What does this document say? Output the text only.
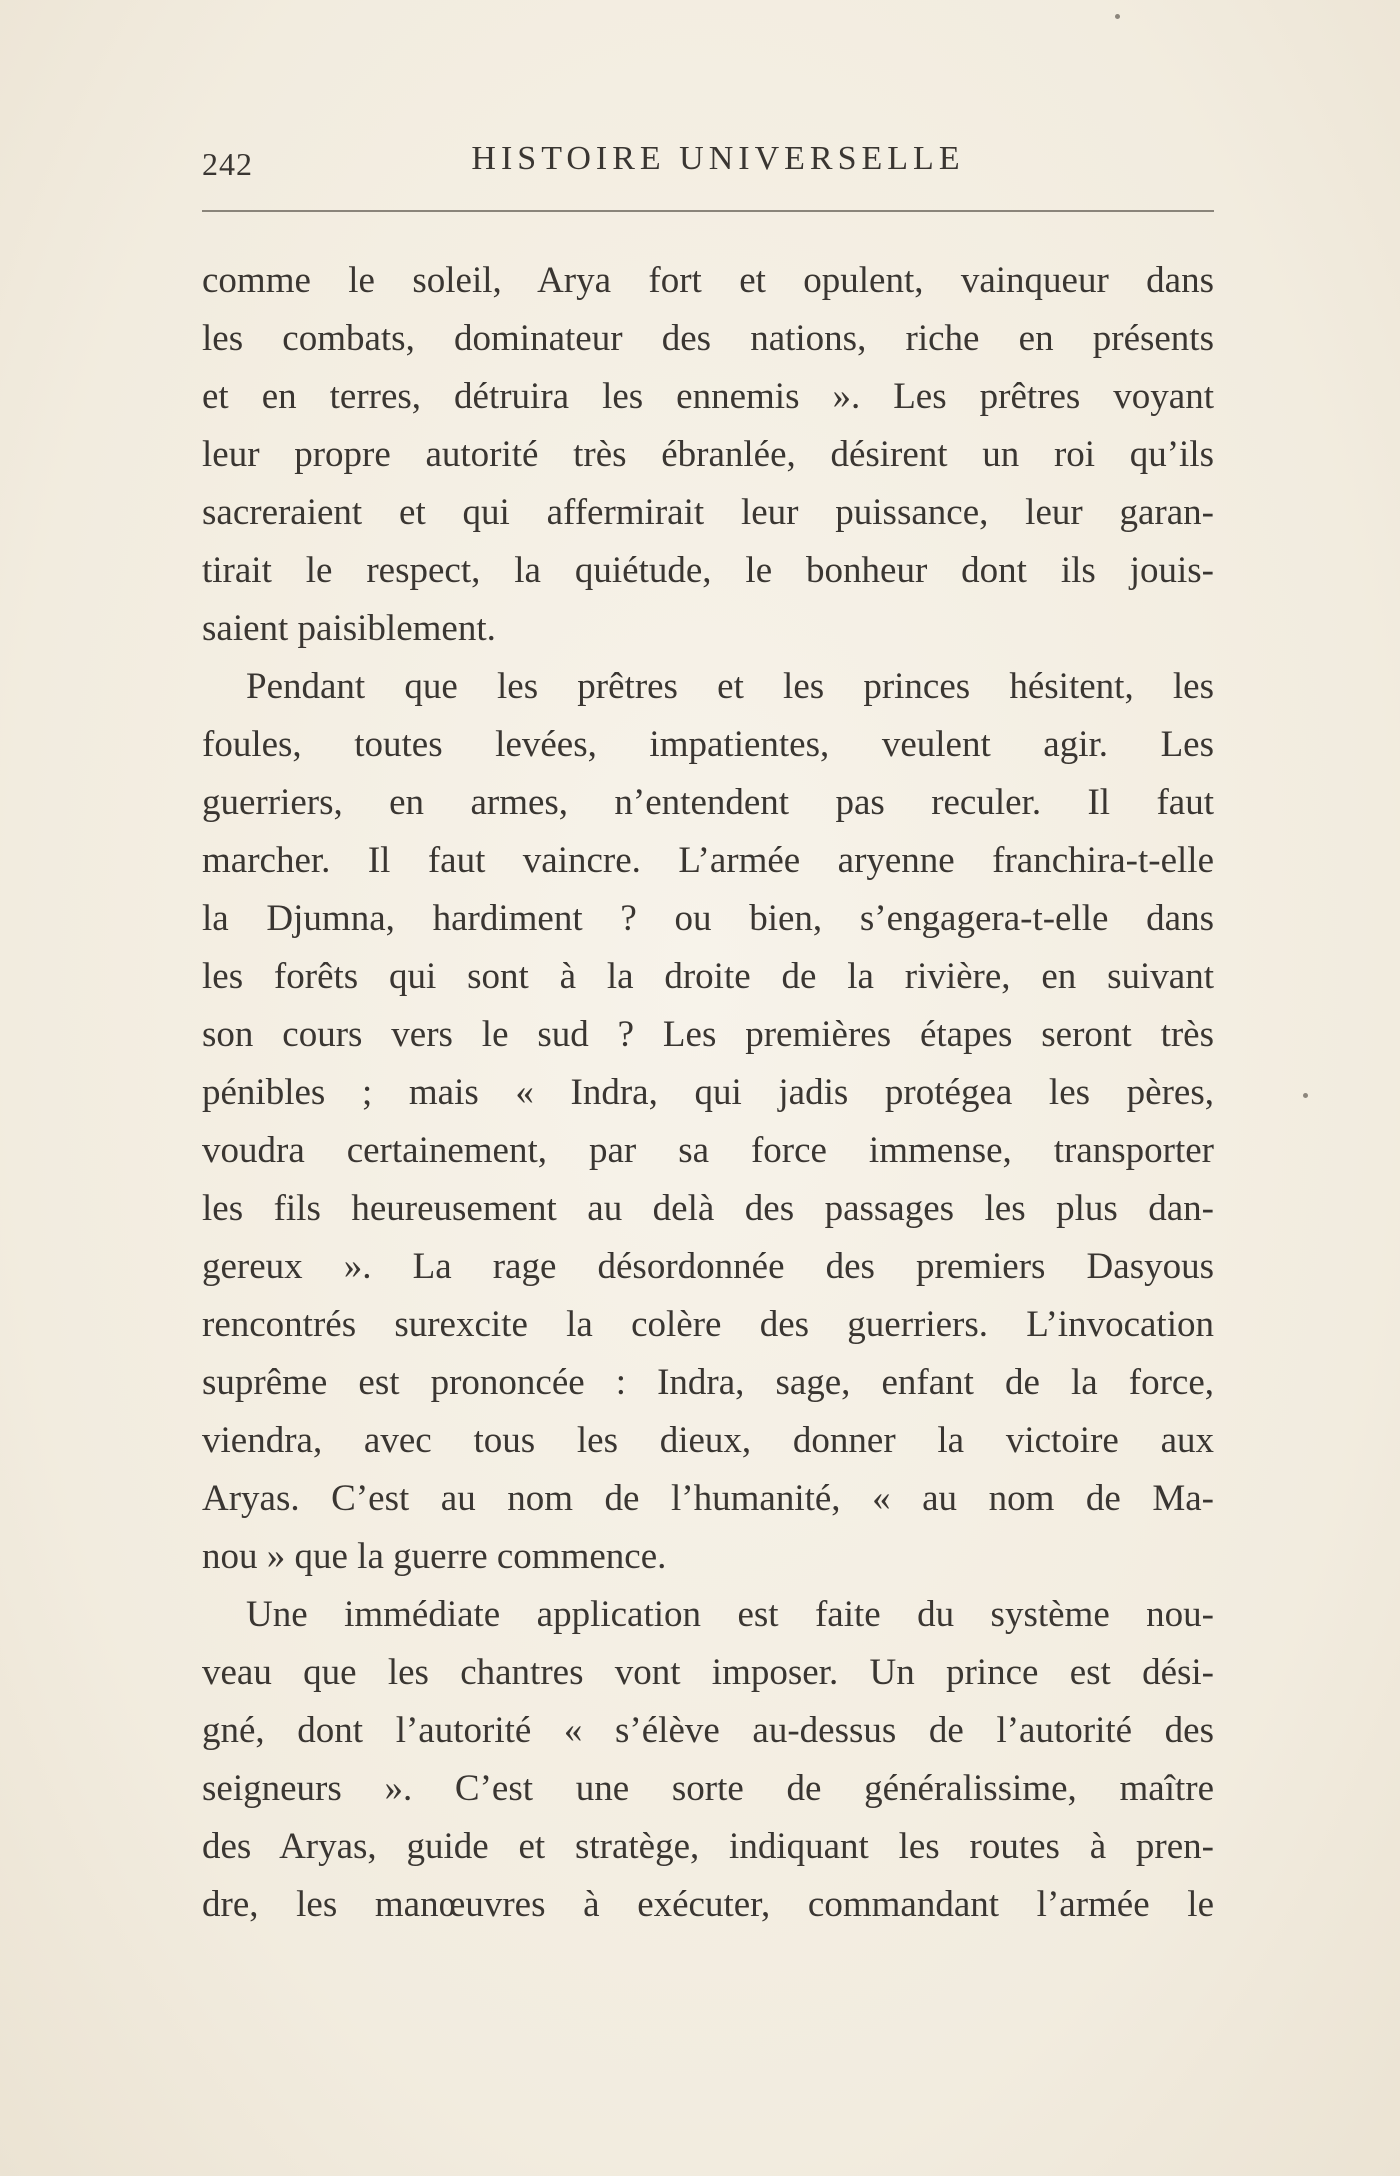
242	HISTOIRE UNIVERSELLE
comme le soleil, Arya fort et opulent, vainqueur dans
les combats, dominateur des nations, riche en présents
et en terres, détruira les ennemis ». Les prêtres voyant
leur propre autorité très ébranlée, désirent un roi qu’ils
sacreraient et qui affermirait leur puissance, leur garan-
tirait le respect, la quiétude, le bonheur dont ils jouis-
saient paisiblement.
Pendant que les prêtres et les princes hésitent, les
foules, toutes levées, impatientes, veulent agir. Les
guerriers, en armes, n’entendent pas reculer. Il faut
marcher. Il faut vaincre. L’armée aryenne franchira-t-elle
la Djumna, hardiment ? ou bien, s’engagera-t-elle dans
les forêts qui sont à la droite de la rivière, en suivant
son cours vers le sud ? Les premières étapes seront très
pénibles ; mais « Indra, qui jadis protégea les pères,
voudra certainement, par sa force immense, transporter
les fils heureusement au delà des passages les plus dan-
gereux ». La rage désordonnée des premiers Dasyous
rencontrés surexcite la colère des guerriers. L’invocation
suprême est prononcée : Indra, sage, enfant de la force,
viendra, avec tous les dieux, donner la victoire aux
Aryas. C’est au nom de l’humanité, « au nom de Ma-
nou » que la guerre commence.
Une immédiate application est faite du système nou-
veau que les chantres vont imposer. Un prince est dési-
gné, dont l’autorité « s’élève au-dessus de l’autorité des
seigneurs ». C’est une sorte de généralissime, maître
des Aryas, guide et stratège, indiquant les routes à pren-
dre, les manœuvres à exécuter, commandant l’armée le
